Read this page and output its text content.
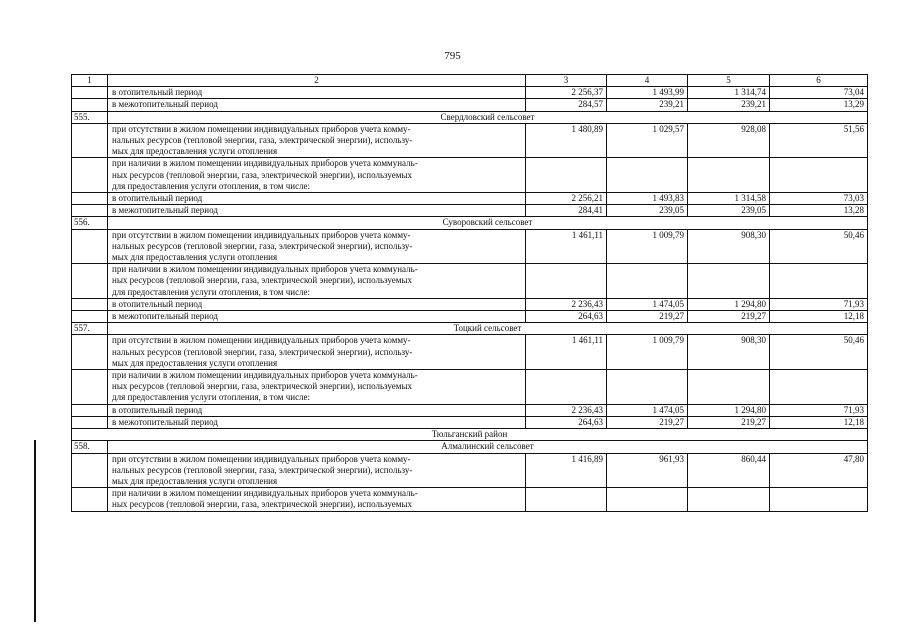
795
1	2	3	4	5	6

	в отопительный период	2 256,37	1 493,99	1 314,74	73,04

	в межотопительный период	284,57	239,21	239,21	13,29
555.	Свердловский сельсовет				

	при отсутствии в жилом помещении индивидуальных приборов учета комму-
нальных ресурсов (тепловой энергии, газа, электрической энергии), использу-
мых для предоставления услуги отопления	1 480,89	1 029,57	928,08	51,56

	при наличии в жилом помещении индивидуальных приборов учета коммуналь-
ных ресурсов (тепловой энергии, газа, электрической энергии), используемых
для предоставления услуги отопления, в том числе:				

	в отопительный период	2 256,21	1 493,83	1 314,58	73,03

	в межотопительный период	284,41	239,05	239,05	13,28
556.	Суворовский сельсовет				

	при отсутствии в жилом помещении индивидуальных приборов учета комму-
нальных ресурсов (тепловой энергии, газа, электрической энергии), использу-
мых для предоставления услуги отопления	1 461,11	1 009,79	908,30	50,46

	при наличии в жилом помещении индивидуальных приборов учета коммуналь-
ных ресурсов (тепловой энергии, газа, электрической энергии), используемых
для предоставления услуги отопления, в том числе:				

	в отопительный период	2 236,43	1 474,05	1 294,80	71,93

	в межотопительный период	264,63	219,27	219,27	12,18
557.	Тоцкий сельсовет				

	при отсутствии в жилом помещении индивидуальных приборов учета комму-
нальных ресурсов (тепловой энергии, газа, электрической энергии), использу-
мых для предоставления услуги отопления	1 461,11	1 009,79	908,30	50,46

	при наличии в жилом помещении индивидуальных приборов учета коммуналь-
ных ресурсов (тепловой энергии, газа, электрической энергии), используемых
для предоставления услуги отопления, в том числе:				

	в отопительный период	2 236,43	1 474,05	1 294,80	71,93

	в межотопительный период	264,63	219,27	219,27	12,18
Тюльганский район					
558.	Алмалинский сельсовет				

	при отсутствии в жилом помещении индивидуальных приборов учета комму-
нальных ресурсов (тепловой энергии, газа, электрической энергии), использу-
мых для предоставления услуги отопления	1 416,89	961,93	860,44	47,80

	при наличии в жилом помещении индивидуальных приборов учета коммуналь-
ных ресурсов (тепловой энергии, газа, электрической энергии), используемых				
